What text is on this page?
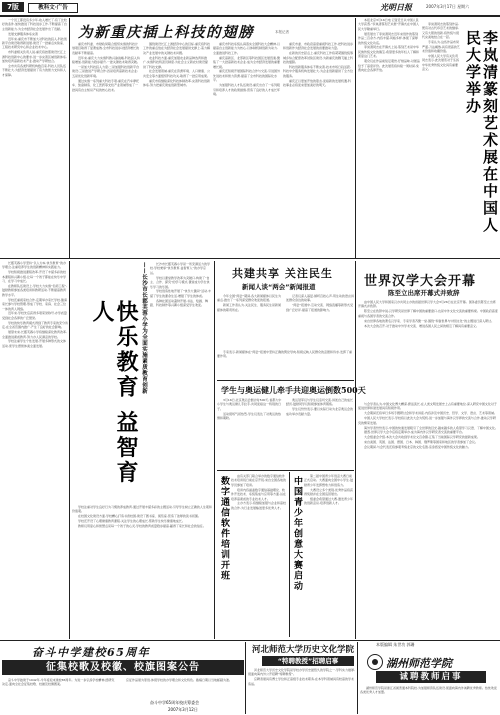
7版	教科文·广告	光明日报	2007年3月17日 星期六

一个员工都没有多少年,收入增长了,有了比较好的条件,加快推进了科技进步工作,不断提高了自主创新能力,为全市经济社会发展作出了贡献。

发展支撑服务体系完善

近年来,重庆市不断加大对科技的投入,科技创新平台建设取得新进展,建设了一批重点实验室、工程技术研究中心和企业技术中心。

市科委相关负责人说,重庆将按照建设长江上游科技创新中心的要求,进一步完善区域创新体系,加快培育高新技术产业,推动产学研结合。

全市共有各类科研机构数百家,科技人员队伍不断壮大,为经济发展提供了有力的智力支持和人才保障。

为新重庆插上科技的翅膀	本报记者

重庆市科委、市财政局联合组织实施的科技计划项目取得了显著成效,全市科技进步对经济增长的贡献率不断提高。

近年来,重庆大力实施科教兴渝战略,科技投入持续增加,创新能力稳步提升,一批关键技术取得突破。

一是加大科技投入力度;二是加强科技创新平台建设;三是推进产学研合作;四是培育高新技术企业;五是优化创新环境。

通过实施一系列重大科技专项,重庆在汽车摩托车、装备制造、化工医药等支柱产业领域形成了一批具有自主知识产权的核心技术。

围绕建设长江上游经济中心的目标,重庆将科技工作的重点放在为经济社会发展提供支撑上,着力解决产业发展中的关键技术问题。

农业科技方面,重庆加强农业新品种选育和推广,实施科技特派员制度,为社会主义新农村建设提供了科技支撑。

社会发展领域,重庆在资源环境、人口健康、公共安全等方面组织科技攻关,取得了一批应用成果。

重庆市将继续深化科技体制改革,完善科技创新体系,努力把重庆建成创新型城市。

重庆市科技系统认真落实全国科技大会精神,以提高自主创新能力为核心,以体制机制创新为动力,全面推进科技工作。

重庆高新区、北部新区等科技园区发展迅速,聚集了一大批高新技术企业,成为全市经济发展的重要增长极。

重庆还积极开展国际科技合作与交流,引进国外先进技术和智力资源,提高了全市科技的国际化水平。

为加强科技人才队伍建设,重庆出台了一系列吸引和培养人才的政策措施,营造了良好的人才成长环境。

重庆市委、市政府高度重视科技工作,把科技进步和创新作为经济社会发展的首要推动力量。

在新的历史起点上,重庆科技工作将紧紧围绕统筹城乡综合配套改革试验区建设,为新重庆的腾飞插上科技的翅膀。

科技创新服务体系不断完善,技术市场日趋活跃,科技中介服务机构发展壮大,为企业创新提供了全方位的服务。

重庆正以更加开放的姿态,迎接新的发展机遇,科技事业必将迎来更加美好的明天。

本报北京3月16日电 记者近日从中国人民大学获悉,“李岚清篆刻艺术展”开幕式在中国人民大学隆重举行。

展览展出了李岚清同志近年来创作的篆刻作品二百余方,内容丰富,风格多样,体现了深厚的传统文化功底。

李岚清同志在开幕式上说,篆刻艺术是中华民族传统文化的瑰宝,希望更多的年轻人了解和喜爱这门艺术。

观众们在作品前驻足观赏,仔细品味,对展品给予了高度评价。此次展览将持续一周时间,免费向社会各界开放。	李岚清篆刻艺术展在中国人民大学举办

李岚清同志的篆刻作品,既有对古代印章艺术的继承,又有大胆的创新,将传统与现代完美地结合在一起。

专家认为,这些作品布局严谨,刀法娴熟,具有很高的艺术价值和收藏价值。

中国人民大学有关负责同志表示,此次展览对于弘扬中华优秀传统文化具有重要意义。

长郡芙蓉小学坚持“以人为本,快乐教育”的办学理念,注重培养学生的创新精神和实践能力。

学校积极推进课程改革,开设了丰富多彩的校本课程和兴趣小组,让每一个孩子都能在快乐中学习、在学习中成长。

在教师队伍建设上,学校大力实施“名师工程”,鼓励教师参加各类培训和教研活动,不断提高教育教学水平。

学校还重视家校合作,定期举办家长学校,邀请家长参与学校管理,形成了学校、家庭、社会三位一体的育人网络。

近年来,学校先后获得多项荣誉称号,办学质量受到社会各界的广泛赞誉。

学校的快乐教育模式得到了教育专家的充分肯定,在全省范围内推广,产生了良好的社会影响。

展望未来,长郡芙蓉小学将继续深化教育改革,全面推进素质教育,努力办人民满意的学校。

学校注重学生个性发展,开展多种形式的文体活动,使学生德智体美全面发展。	快乐教育 益智育人	——长沙市长郡芙蓉小学为全面实施素质教育创新	长沙市长郡芙蓉小学是一所充满活力的学校,学校秉承“快乐教育,益智育人”的办学宗旨。

学校以课堂教学改革为突破口,构建了“自主、合作、探究”的学习模式,课堂成为学生快乐学习的乐园。

学校创造性地开展了“快乐大课间”活动,丰富了学生的课余生活,增强了学生的体质。

各种社团活动蓬勃开展,书法、绘画、舞蹈、科技制作等兴趣小组深受学生欢迎。

学校注重对学生良好行为习惯的养成教育,通过开展丰富多彩的主题活动,引导学生树立正确的人生观和价值观。

在校园文化建设方面,学校精心打造书香校园,建设了图书室、阅览室,营造了浓厚的读书氛围。

学校还开设了心理健康教育课程,关注学生的心理成长,帮助学生快乐健康地成长。

教师们用爱心和智慧点亮每一个孩子的心灵,学校的教育质量稳步提高,赢得了家长和社会的信任。

共建共享 关注民生
新闻人谈“两会”新闻报道

今年全国“两会”期间,各大新闻媒体以民生为重点,推出了一系列深受群众欢迎的报道。

新闻工作者认为,关注民生、服务民生是新闻媒体的职责所在。

记者们深入基层,倾听百姓心声,用生动的语言讲述群众身边的故事。

“两会”报道中,互动交流、网络直播等新形式受到广泛好评,提高了报道的影响力。

专家表示,新闻媒体在“两会”报道中坚持正确的舆论导向,积极反映人民群众的意愿和诉求,发挥了重要作用。

学生与奥运健儿牵手共迎奥运倒数500天

3月16日,北京奥运会倒计时500天,首都大中小学生与奥运健儿手拉手,共同迎接这一特别的日子。

活动现场气氛热烈,学生们表达了对奥运的热情和期盼。

奥运冠军们与学生们亲切交流,讲述自己的成长经历,鼓励同学们积极参加体育锻炼。

学生们纷纷表示,要以实际行动为北京奥运会的成功举办贡献力量。

数字通信软件培训开班	由有关部门联合举办的数字通信软件技术培训班日前在京开班,来自全国各地的学员参加了培训。

培训内容涵盖数字通信基础理论、软件开发技术、系统集成与应用等方面,旨在培养高素质的专业技术人才。

主办方表示,将继续加强与企业和高校的合作,为行业发展输送更多优秀人才。	中国青少年创意大赛启动	第二届中国青少年创意大赛日前正式启动。大赛面向全国中小学生,鼓励青少年发挥想象力和创造力。

大赛设立多个类别,优秀作品将获得奖励并在全国巡回展出。

组委会希望通过大赛,激发青少年的创新意识,培养创新人才。

世界汉学大会开幕
陈至立出席开幕式并致辞

由中国人民大学和国家汉办共同主办的首届世界汉学大会3月26日在北京开幕。国务委员陈至立出席开幕式并致辞。

陈至立在致辞中说,汉学研究是世界了解中国的重要窗口,也是中外文化交流的重要桥梁。中国政府高度重视与各国学者的交流合作。

来自世界各地的著名汉学家、专家学者齐聚一堂,围绕“和谐世界与中国文化”的主题进行深入研讨。

本次大会的召开,对于推动中外学术交流、增进各国人民之间的相互了解具有重要意义。

与会学者认为,中国文化博大精深,源远流长,在人类文明发展史上占有重要地位,深入研究中国文化对于促进世界和谐发展具有积极作用。

大会期间还将举行多场专题研讨会和学术讲座,内容涉及中国历史、哲学、文学、语言、艺术等领域。

中国人民大学校长表示,学校将以此次大会为契机,进一步加强与海外汉学界的交流与合作,推动汉学研究的繁荣发展。

海外学者纷纷表示,中国的快速发展吸引了全世界的目光,越来越多的人希望学习汉语、了解中国文化。

据悉,世界汉学大会今后将定期举办,成为海内外汉学研究者交流的重要平台。

大会组委会介绍,本次大会共收到学术论文百余篇,汇集了当前国际汉学研究的最新成果。

来自美国、英国、法国、德国、日本、韩国、俄罗斯等国家和地区的学者参加了会议。

会议期间,与会代表还将参观考察北京的文化名胜,亲身感受中国传统文化的魅力。

奋斗中学建校65周年
征集校歌及校徽、校旗图案公告

奋斗中学始建于1942年,今年将迎来建校65周年。为进一步弘扬学校精神,经研究决定,面向全社会征集校歌、校徽及校旗图案。

应征作品须为原创,体现学校的办学理念和文化特色。截稿日期以当地邮戳为准。

奋斗中学65周年校庆筹委会
2007年3月12日
河北师范大学历史文化学院
“特聘教授”招聘启事

河北师范大学历史文化学院是学校办学历史最悠久的学院之一,学科实力雄厚,现面向海内外公开招聘“特聘教授”。

应聘者须具有博士学位和正高级专业技术职务,在本学科领域具有较高的学术造诣。

本版编辑 朱世功 郭珊
湖州师范学院
诚聘教师启事

湖州师范学院是浙江省属普通本科院校,为加强师资队伍建设,现面向海内外诚聘优秀教师。热忱欢迎各类优秀人才加盟。
